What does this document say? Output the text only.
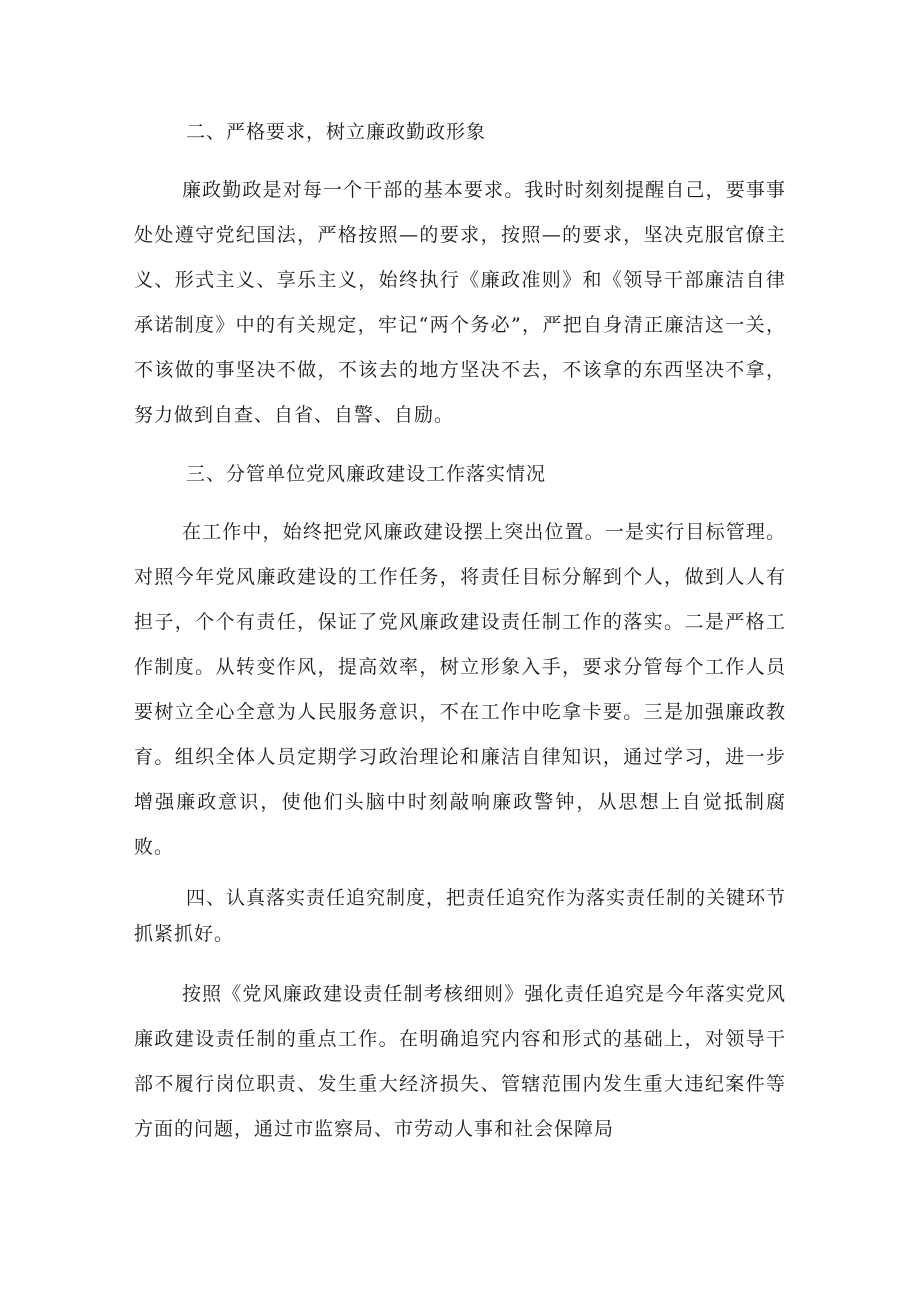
二、严格要求，树立廉政勤政形象

廉政勤政是对每一个干部的基本要求。我时时刻刻提醒自己，要事事处处遵守党纪国法，严格按照—的要求，按照—的要求，坚决克服官僚主义、形式主义、享乐主义，始终执行《廉政准则》和《领导干部廉洁自律承诺制度》中的有关规定，牢记“两个务必”，严把自身清正廉洁这一关，不该做的事坚决不做，不该去的地方坚决不去，不该拿的东西坚决不拿，努力做到自查、自省、自警、自励。

三、分管单位党风廉政建设工作落实情况

在工作中，始终把党风廉政建设摆上突出位置。一是实行目标管理。对照今年党风廉政建设的工作任务，将责任目标分解到个人，做到人人有担子，个个有责任，保证了党风廉政建设责任制工作的落实。二是严格工作制度。从转变作风，提高效率，树立形象入手，要求分管每个工作人员要树立全心全意为人民服务意识，不在工作中吃拿卡要。三是加强廉政教育。组织全体人员定期学习政治理论和廉洁自律知识，通过学习，进一步增强廉政意识，使他们头脑中时刻敲响廉政警钟，从思想上自觉抵制腐败。

四、认真落实责任追究制度，把责任追究作为落实责任制的关键环节抓紧抓好。

按照《党风廉政建设责任制考核细则》强化责任追究是今年落实党风廉政建设责任制的重点工作。在明确追究内容和形式的基础上，对领导干部不履行岗位职责、发生重大经济损失、管辖范围内发生重大违纪案件等方面的问题，通过市监察局、市劳动人事和社会保障局
